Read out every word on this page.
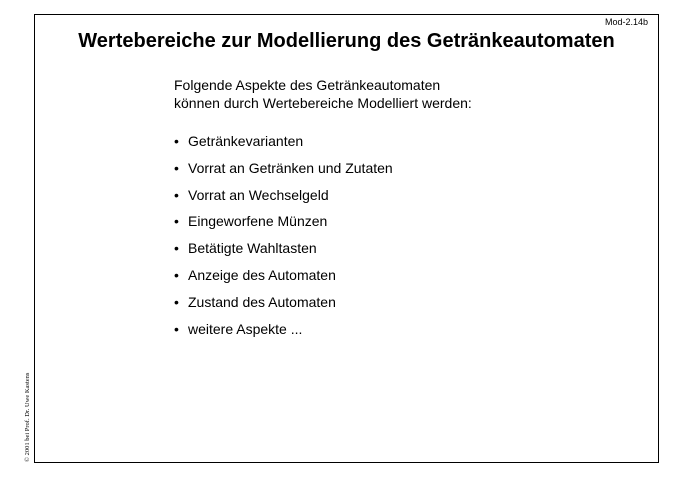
Mod-2.14b
Wertebereiche zur Modellierung des Getränkeautomaten

Folgende Aspekte des Getränkeautomaten
können durch Wertebereiche Modelliert werden:

• Getränkevarianten
• Vorrat an Getränken und Zutaten
• Vorrat an Wechselgeld
• Eingeworfene Münzen
• Betätigte Wahltasten
• Anzeige des Automaten
• Zustand des Automaten
• weitere Aspekte ...
© 2001 bei Prof. Dr. Uwe Kastens
